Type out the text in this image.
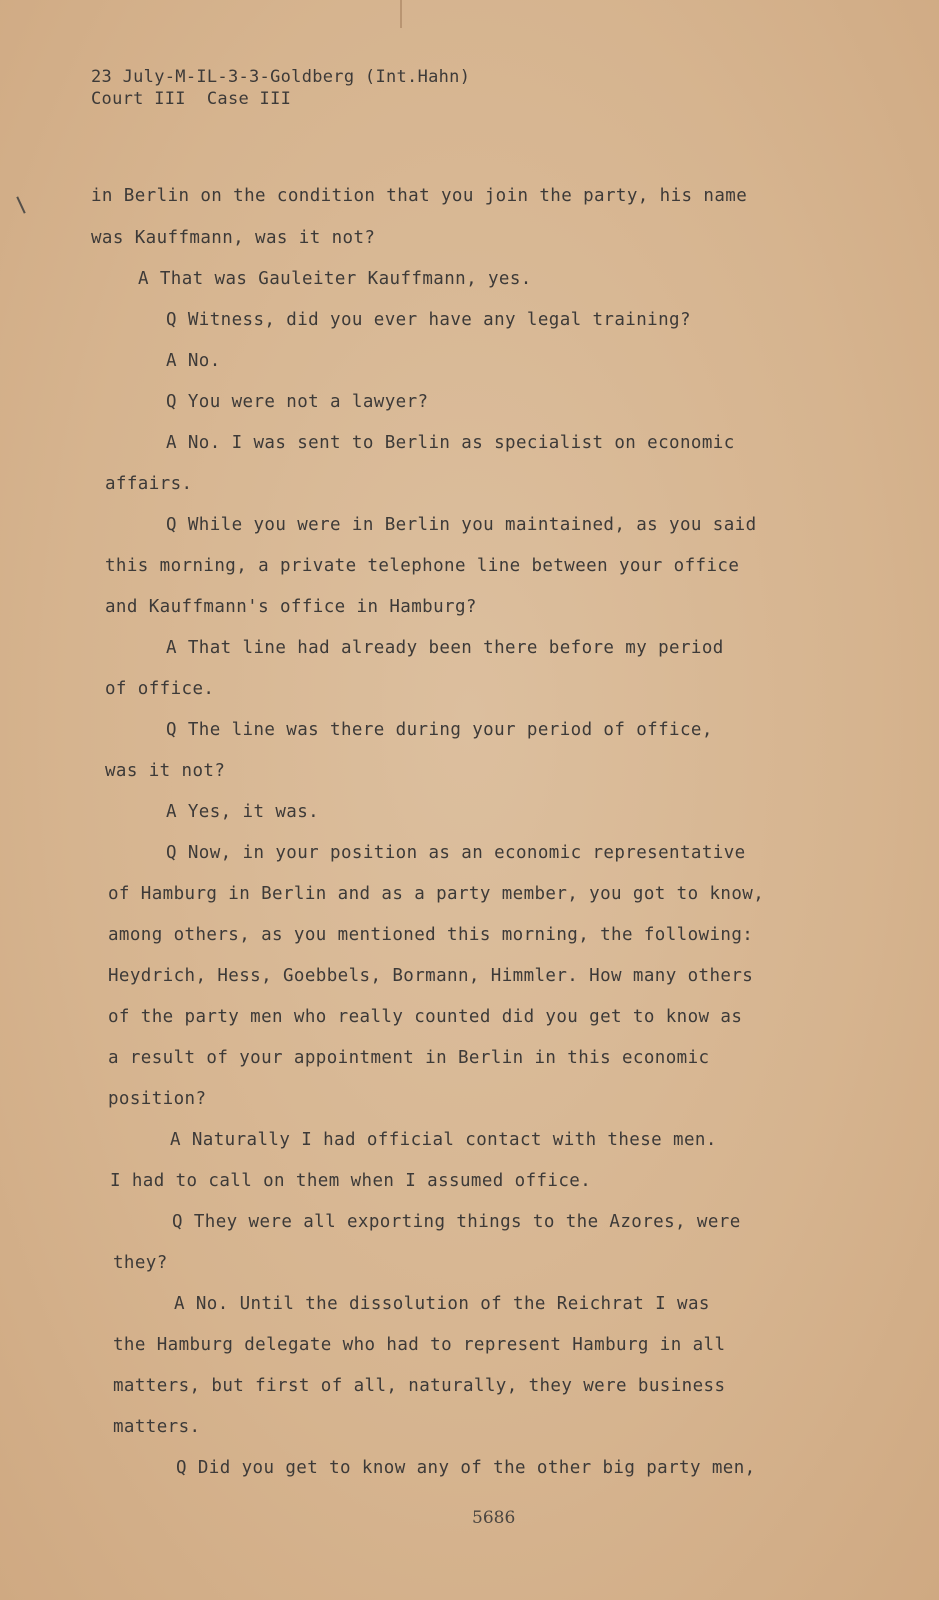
23 July-M-IL-3-3-Goldberg (Int.Hahn)
Court III  Case III
in Berlin on the condition that you join the party, his name
was Kauffmann, was it not?
A That was Gauleiter Kauffmann, yes.
Q Witness, did you ever have any legal training?
A No.
Q You were not a lawyer?
A No. I was sent to Berlin as specialist on economic
affairs.
Q While you were in Berlin you maintained, as you said
this morning, a private telephone line between your office
and Kauffmann's office in Hamburg?
A That line had already been there before my period
of office.
Q The line was there during your period of office,
was it not?
A Yes, it was.
Q Now, in your position as an economic representative
of Hamburg in Berlin and as a party member, you got to know,
among others, as you mentioned this morning, the following:
Heydrich, Hess, Goebbels, Bormann, Himmler. How many others
of the party men who really counted did you get to know as
a result of your appointment in Berlin in this economic
position?
A Naturally I had official contact with these men.
I had to call on them when I assumed office.
Q They were all exporting things to the Azores, were
they?
A No. Until the dissolution of the Reichrat I was
the Hamburg delegate who had to represent Hamburg in all
matters, but first of all, naturally, they were business
matters.
Q Did you get to know any of the other big party men,
5686
